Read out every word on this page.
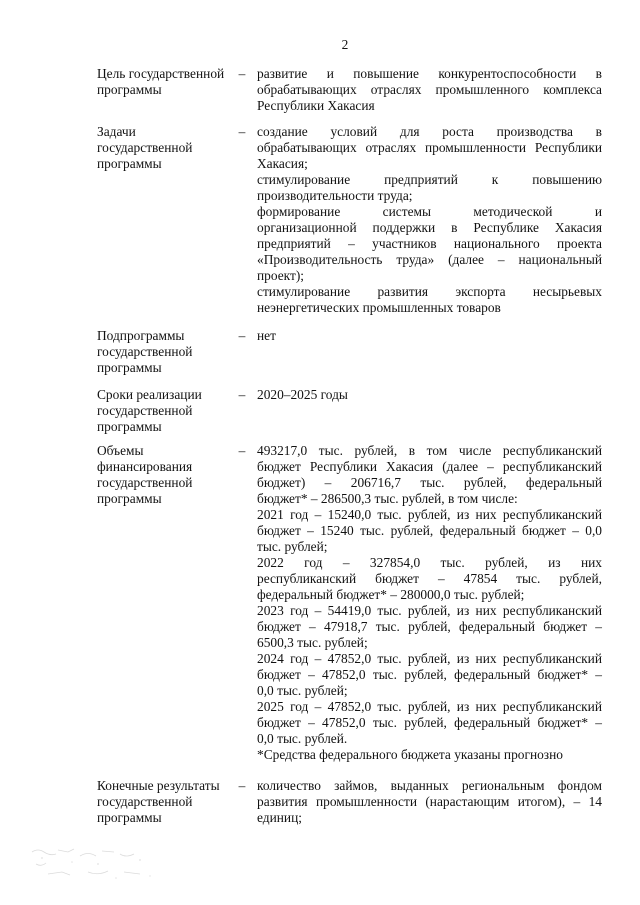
2
Цель государственной
программы
– развитие и повышение конкурентоспособности в
обрабатывающих отраслях промышленного комплекса
Республики Хакасия
Задачи
государственной
программы
– создание условий для роста производства в
обрабатывающих отраслях промышленности Республики
Хакасия;
стимулирование предприятий к повышению
производительности труда;
формирование системы методической и
организационной поддержки в Республике Хакасия
предприятий – участников национального проекта
«Производительность труда» (далее – национальный
проект);
стимулирование развития экспорта несырьевых
неэнергетических промышленных товаров
Подпрограммы
государственной
программы
– нет
Сроки реализации
государственной
программы
– 2020–2025 годы
Объемы
финансирования
государственной
программы
– 493217,0 тыс. рублей, в том числе республиканский
бюджет Республики Хакасия (далее – республиканский
бюджет) – 206716,7 тыс. рублей, федеральный
бюджет* – 286500,3 тыс. рублей, в том числе:
2021 год – 15240,0 тыс. рублей, из них республиканский
бюджет – 15240 тыс. рублей, федеральный бюджет – 0,0
тыс. рублей;
2022 год – 327854,0 тыс. рублей, из них
республиканский бюджет – 47854 тыс. рублей,
федеральный бюджет* – 280000,0 тыс. рублей;
2023 год – 54419,0 тыс. рублей, из них республиканский
бюджет – 47918,7 тыс. рублей, федеральный бюджет –
6500,3 тыс. рублей;
2024 год – 47852,0 тыс. рублей, из них республиканский
бюджет – 47852,0 тыс. рублей, федеральный бюджет* –
0,0 тыс. рублей;
2025 год – 47852,0 тыс. рублей, из них республиканский
бюджет – 47852,0 тыс. рублей, федеральный бюджет* –
0,0 тыс. рублей.
*Средства федерального бюджета указаны прогнозно
Конечные результаты
государственной
программы
– количество займов, выданных региональным фондом
развития промышленности (нарастающим итогом), – 14
единиц;
